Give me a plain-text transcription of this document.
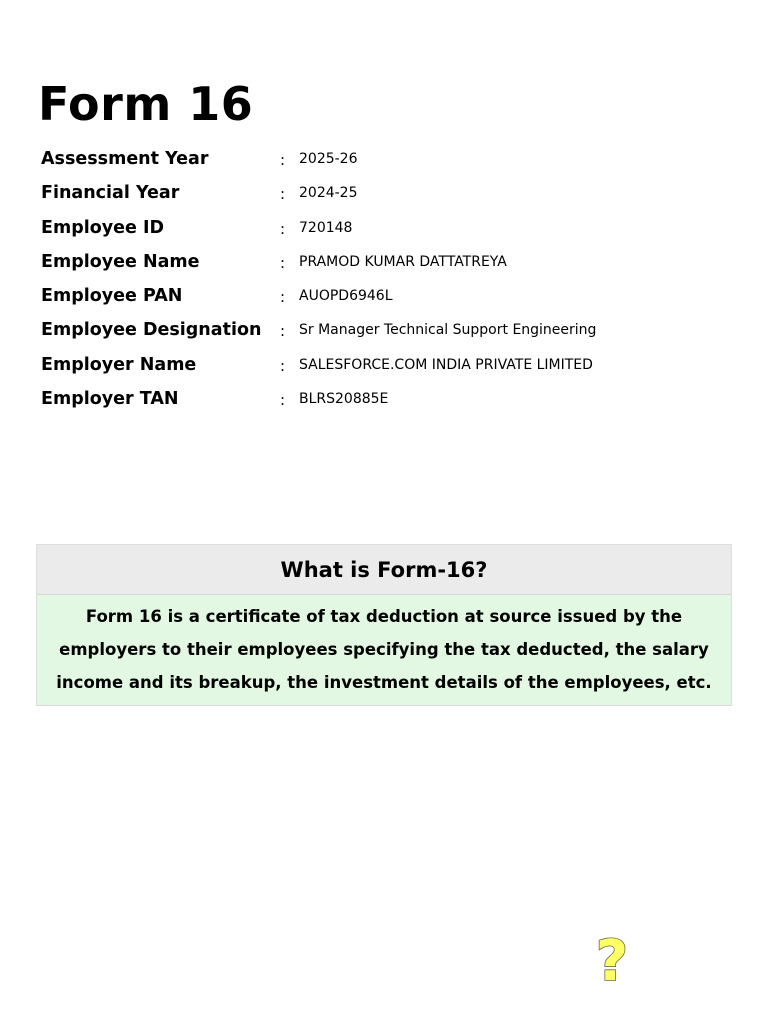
Form 16
Assessment Year	: 2025-26
Financial Year	: 2024-25
Employee ID	: 720148
Employee Name	: PRAMOD KUMAR DATTATREYA
Employee PAN	: AUOPD6946L
Employee Designation : Sr Manager Technical Support Engineering
Employer Name	: SALESFORCE.COM INDIA PRIVATE LIMITED
Employer TAN	: BLRS20885E
What is Form-16?
Form 16 is a certificate of tax deduction at source issued by the employers to their employees specifying the tax deducted, the salary income and its breakup, the investment details of the employees, etc.
?
